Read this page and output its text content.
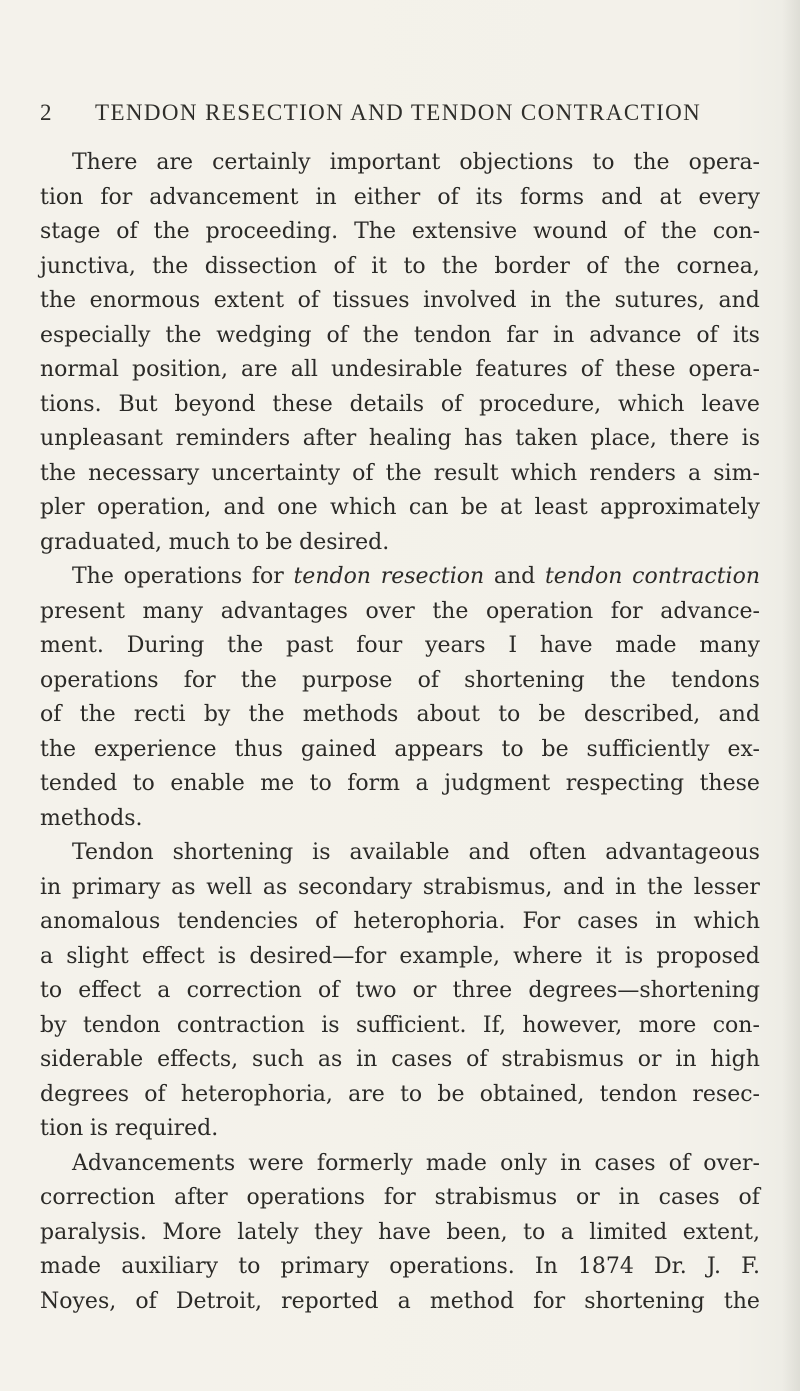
2 TENDON RESECTION AND TENDON CONTRACTION
There are certainly important objections to the opera-
tion for advancement in either of its forms and at every
stage of the proceeding. The extensive wound of the con-
junctiva, the dissection of it to the border of the cornea,
the enormous extent of tissues involved in the sutures, and
especially the wedging of the tendon far in advance of its
normal position, are all undesirable features of these opera-
tions. But beyond these details of procedure, which leave
unpleasant reminders after healing has taken place, there is
the necessary uncertainty of the result which renders a sim-
pler operation, and one which can be at least approximately
graduated, much to be desired.
The operations for tendon resection and tendon contraction
present many advantages over the operation for advance-
ment. During the past four years I have made many
operations for the purpose of shortening the tendons
of the recti by the methods about to be described, and
the experience thus gained appears to be sufficiently ex-
tended to enable me to form a judgment respecting these
methods.
Tendon shortening is available and often advantageous
in primary as well as secondary strabismus, and in the lesser
anomalous tendencies of heterophoria. For cases in which
a slight effect is desired—for example, where it is proposed
to effect a correction of two or three degrees—shortening
by tendon contraction is sufficient. If, however, more con-
siderable effects, such as in cases of strabismus or in high
degrees of heterophoria, are to be obtained, tendon resec-
tion is required.
Advancements were formerly made only in cases of over-
correction after operations for strabismus or in cases of
paralysis. More lately they have been, to a limited extent,
made auxiliary to primary operations. In 1874 Dr. J. F.
Noyes, of Detroit, reported a method for shortening the
